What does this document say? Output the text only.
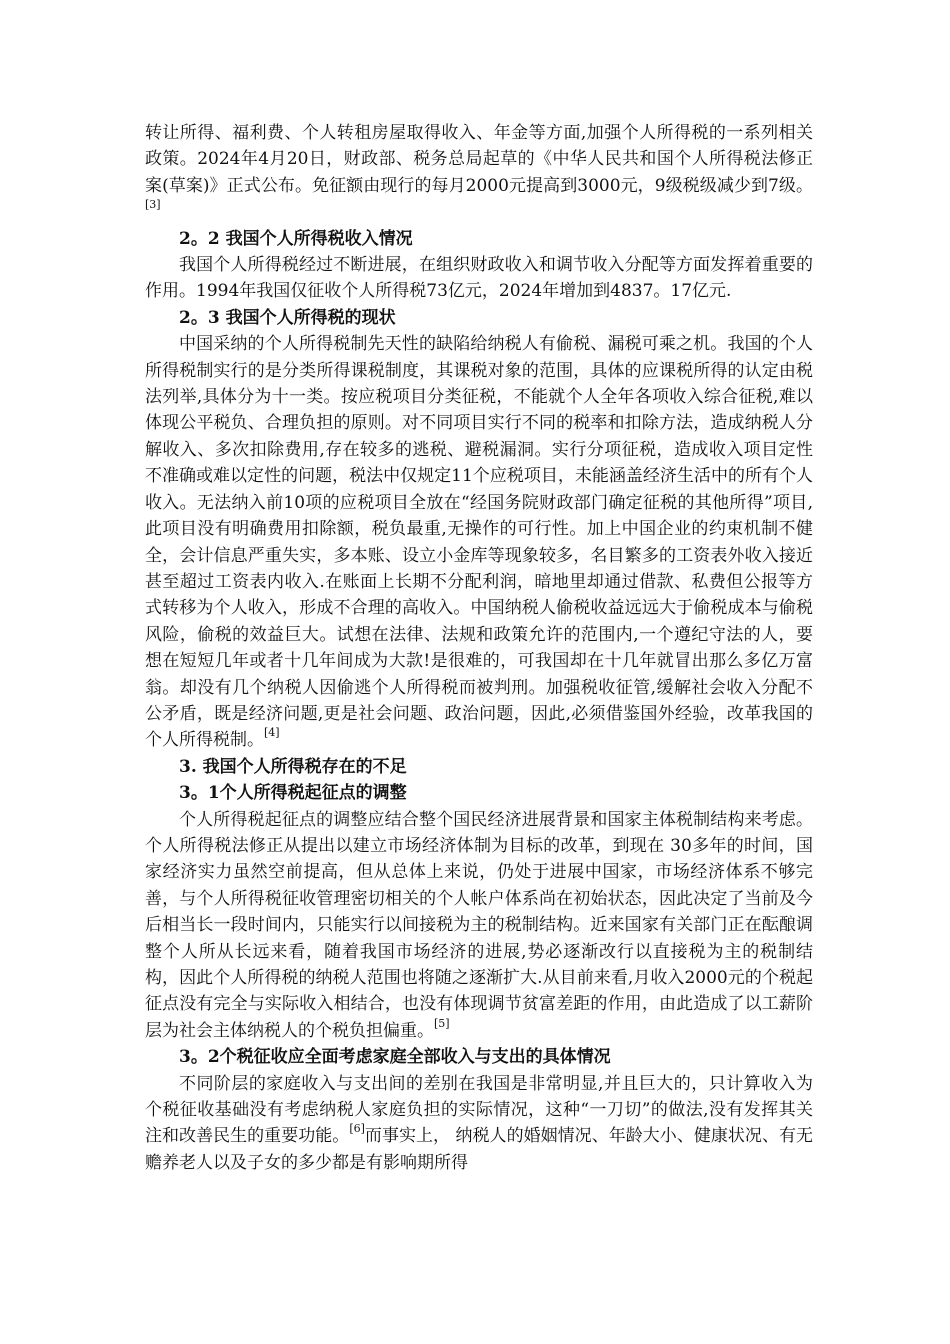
转让所得、福利费、个人转租房屋取得收入、年金等方面,加强个人所得税的一系列相关政策。2024年4月20日，财政部、税务总局起草的《中华人民共和国个人所得税法修正案(草案)》正式公布。免征额由现行的每月2000元提高到3000元，9级税级减少到7级。[3]

2。2 我国个人所得税收入情况

我国个人所得税经过不断进展，在组织财政收入和调节收入分配等方面发挥着重要的作用。1994年我国仅征收个人所得税73亿元，2024年增加到4837。17亿元.

2。3 我国个人所得税的现状

中国采纳的个人所得税制先天性的缺陷给纳税人有偷税、漏税可乘之机。我国的个人所得税制实行的是分类所得课税制度，其课税对象的范围，具体的应课税所得的认定由税法列举,具体分为十一类。按应税项目分类征税，不能就个人全年各项收入综合征税,难以体现公平税负、合理负担的原则。对不同项目实行不同的税率和扣除方法，造成纳税人分解收入、多次扣除费用,存在较多的逃税、避税漏洞。实行分项征税，造成收入项目定性不准确或难以定性的问题，税法中仅规定11个应税项目，未能涵盖经济生活中的所有个人收入。无法纳入前10项的应税项目全放在“经国务院财政部门确定征税的其他所得”项目,此项目没有明确费用扣除额，税负最重,无操作的可行性。加上中国企业的约束机制不健全，会计信息严重失实，多本账、设立小金库等现象较多，名目繁多的工资表外收入接近甚至超过工资表内收入.在账面上长期不分配利润，暗地里却通过借款、私费但公报等方式转移为个人收入，形成不合理的高收入。中国纳税人偷税收益远远大于偷税成本与偷税风险，偷税的效益巨大。试想在法律、法规和政策允许的范围内,一个遵纪守法的人，要想在短短几年或者十几年间成为大款!是很难的，可我国却在十几年就冒出那么多亿万富翁。却没有几个纳税人因偷逃个人所得税而被判刑。加强税收征管,缓解社会收入分配不公矛盾，既是经济问题,更是社会问题、政治问题，因此,必须借鉴国外经验，改革我国的个人所得税制。[4]

3. 我国个人所得税存在的不足

3。1个人所得税起征点的调整

个人所得税起征点的调整应结合整个国民经济进展背景和国家主体税制结构来考虑。个人所得税法修正从提出以建立市场经济体制为目标的改革，到现在 30多年的时间，国家经济实力虽然空前提高，但从总体上来说，仍处于进展中国家，市场经济体系不够完善，与个人所得税征收管理密切相关的个人帐户体系尚在初始状态，因此决定了当前及今后相当长一段时间内，只能实行以间接税为主的税制结构。近来国家有关部门正在酝酿调整个人所从长远来看，随着我国市场经济的进展,势必逐渐改行以直接税为主的税制结构，因此个人所得税的纳税人范围也将随之逐渐扩大.从目前来看,月收入2000元的个税起征点没有完全与实际收入相结合，也没有体现调节贫富差距的作用，由此造成了以工薪阶层为社会主体纳税人的个税负担偏重。[5]

3。2个税征收应全面考虑家庭全部收入与支出的具体情况

不同阶层的家庭收入与支出间的差别在我国是非常明显,并且巨大的，只计算收入为个税征收基础没有考虑纳税人家庭负担的实际情况，这种“一刀切”的做法,没有发挥其关注和改善民生的重要功能。[6]而事实上， 纳税人的婚姻情况、年龄大小、健康状况、有无赡养老人以及子女的多少都是有影响期所得
